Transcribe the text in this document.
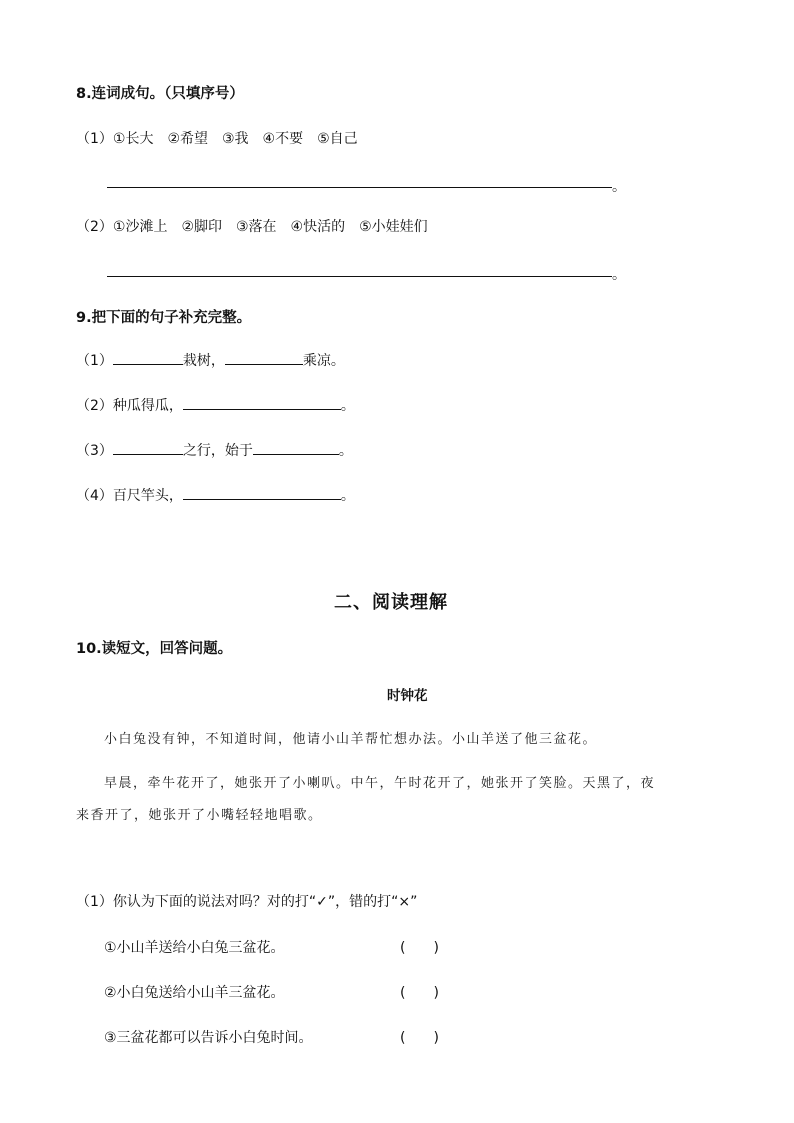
8.连词成句。（只填序号）
（1）①长大　②希望　③我　④不要　⑤自己
。
（2）①沙滩上　②脚印　③落在　④快活的　⑤小娃娃们
。
9.把下面的句子补充完整。
（1）	栽树，	乘凉。
（2）种瓜得瓜，	。
（3）	之行，始于	。
（4）百尺竿头，	。
二、阅读理解
10.读短文，回答问题。
时钟花
小白兔没有钟，不知道时间，他请小山羊帮忙想办法。小山羊送了他三盆花。
早晨，牵牛花开了，她张开了小喇叭。中午，午时花开了，她张开了笑脸。天黑了，夜
来香开了，她张开了小嘴轻轻地唱歌。
（1）你认为下面的说法对吗？对的打“✓”，错的打“×”
①小山羊送给小白兔三盆花。	(　　)
②小白兔送给小山羊三盆花。	(　　)
③三盆花都可以告诉小白兔时间。	(　　)
